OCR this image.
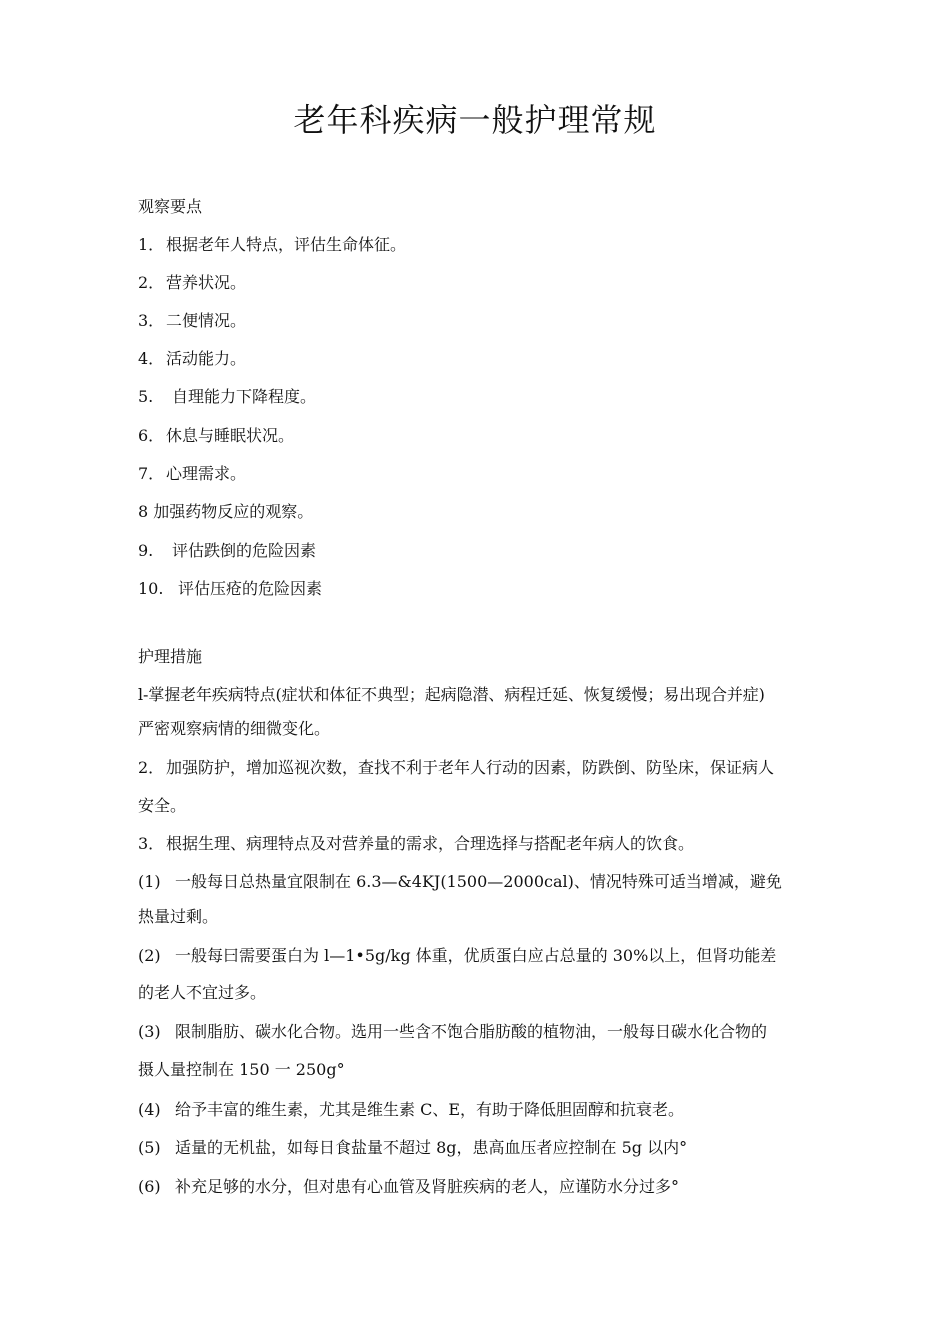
老年科疾病一般护理常规
观察要点
1． 根据老年人特点，评估生命体征。
2． 营养状况。
3． 二便情况。
4． 活动能力。
5. 自理能力下降程度。
6． 休息与睡眠状况。
7． 心理需求。
8 加强药物反应的观察。
9. 评估跌倒的危险因素
10. 评估压疮的危险因素
护理措施
l-掌握老年疾病特点(症状和体征不典型；起病隐潜、病程迁延、恢复缓慢；易出现合并症)
严密观察病情的细微变化。
2． 加强防护，增加巡视次数，查找不利于老年人行动的因素，防跌倒、防坠床，保证病人
安全。
3． 根据生理、病理特点及对营养量的需求，合理选择与搭配老年病人的饮食。
(1) 一般每日总热量宜限制在 6.3—&4KJ(1500—2000cal)、情况特殊可适当增减，避免
热量过剩。
(2) 一般每曰需要蛋白为 l—1•5g/kg 体重，优质蛋白应占总量的 30%以上，但肾功能差
的老人不宜过多。
(3) 限制脂肪、碳水化合物。选用一些含不饱合脂肪酸的植物油，一般每日碳水化合物的
摄人量控制在 150 一 250g°
(4) 给予丰富的维生素，尤其是维生素 C、E，有助于降低胆固醇和抗衰老。
(5) 适量的无机盐，如每日食盐量不超过 8g，患高血压者应控制在 5g 以内°
(6) 补充足够的水分，但对患有心血管及肾脏疾病的老人，应谨防水分过多°
